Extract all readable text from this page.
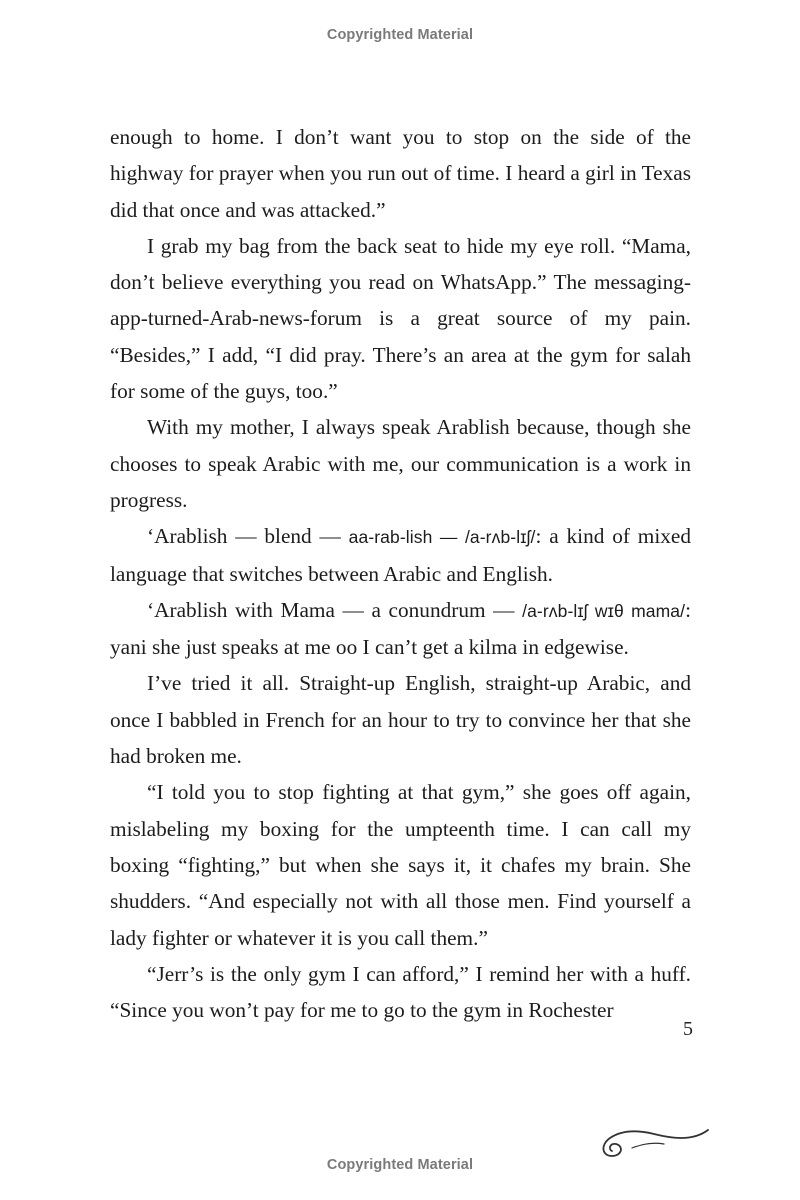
Copyrighted Material

enough to home. I don’t want you to stop on the side of the highway for prayer when you run out of time. I heard a girl in Texas did that once and was attacked.”

I grab my bag from the back seat to hide my eye roll. “Mama, don’t believe everything you read on WhatsApp.” The messaging-app-turned-Arab-news-forum is a great source of my pain. “Besides,” I add, “I did pray. There’s an area at the gym for salah for some of the guys, too.”

With my mother, I always speak Arablish because, though she chooses to speak Arabic with me, our communication is a work in progress.

‘Arablish — blend — aa-rab-lish — /a-rʌb-lɪʃ/: a kind of mixed language that switches between Arabic and English.

‘Arablish with Mama — a conundrum — /a-rʌb-lɪʃ wɪθ mama/: yani she just speaks at me oo I can’t get a kilma in edgewise.

I’ve tried it all. Straight-up English, straight-up Arabic, and once I babbled in French for an hour to try to convince her that she had broken me.

“I told you to stop fighting at that gym,” she goes off again, mislabeling my boxing for the umpteenth time. I can call my boxing “fighting,” but when she says it, it chafes my brain. She shudders. “And especially not with all those men. Find yourself a lady fighter or whatever it is you call them.”

“Jerr’s is the only gym I can afford,” I remind her with a huff. “Since you won’t pay for me to go to the gym in Rochester

5
Copyrighted Material
